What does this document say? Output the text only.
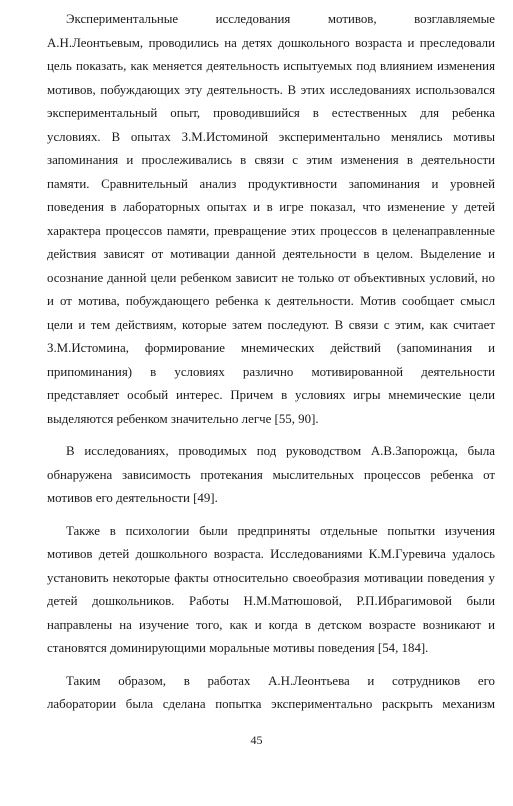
Экспериментальные исследования мотивов, возглавляемые
А.Н.Леонтьевым, проводились на детях дошкольного возраста и преследовали
цель показать, как меняется деятельность испытуемых под влиянием изменения
мотивов, побуждающих эту деятельность. В этих исследованиях использовался
экспериментальный опыт, проводившийся в естественных для ребенка
условиях. В опытах З.М.Истоминой экспериментально менялись мотивы
запоминания и прослеживались в связи с этим изменения в деятельности
памяти. Сравнительный анализ продуктивности запоминания и уровней
поведения в лабораторных опытах и в игре показал, что изменение у детей
характера процессов памяти, превращение этих процессов в целенаправленные
действия зависят от мотивации данной деятельности в целом. Выделение и
осознание данной цели ребенком зависит не только от объективных условий, но
и от мотива, побуждающего ребенка к деятельности. Мотив сообщает смысл
цели и тем действиям, которые затем последуют. В связи с этим, как считает
З.М.Истомина, формирование мнемических действий (запоминания и
припоминания) в условиях различно мотивированной деятельности
представляет особый интерес. Причем в условиях игры мнемические цели
выделяются ребенком значительно легче [55, 90].

В исследованиях, проводимых под руководством А.В.Запорожца, была
обнаружена зависимость протекания мыслительных процессов ребенка от
мотивов его деятельности [49].

Также в психологии были предприняты отдельные попытки изучения
мотивов детей дошкольного возраста. Исследованиями К.М.Гуревича удалось
установить некоторые факты относительно своеобразия мотивации поведения у
детей дошкольников. Работы Н.М.Матюшовой, Р.П.Ибрагимовой были
направлены на изучение того, как и когда в детском возрасте возникают и
становятся доминирующими моральные мотивы поведения [54, 184].

Таким образом, в работах А.Н.Леонтьева и сотрудников его
лаборатории была сделана попытка экспериментально раскрыть механизм

45
